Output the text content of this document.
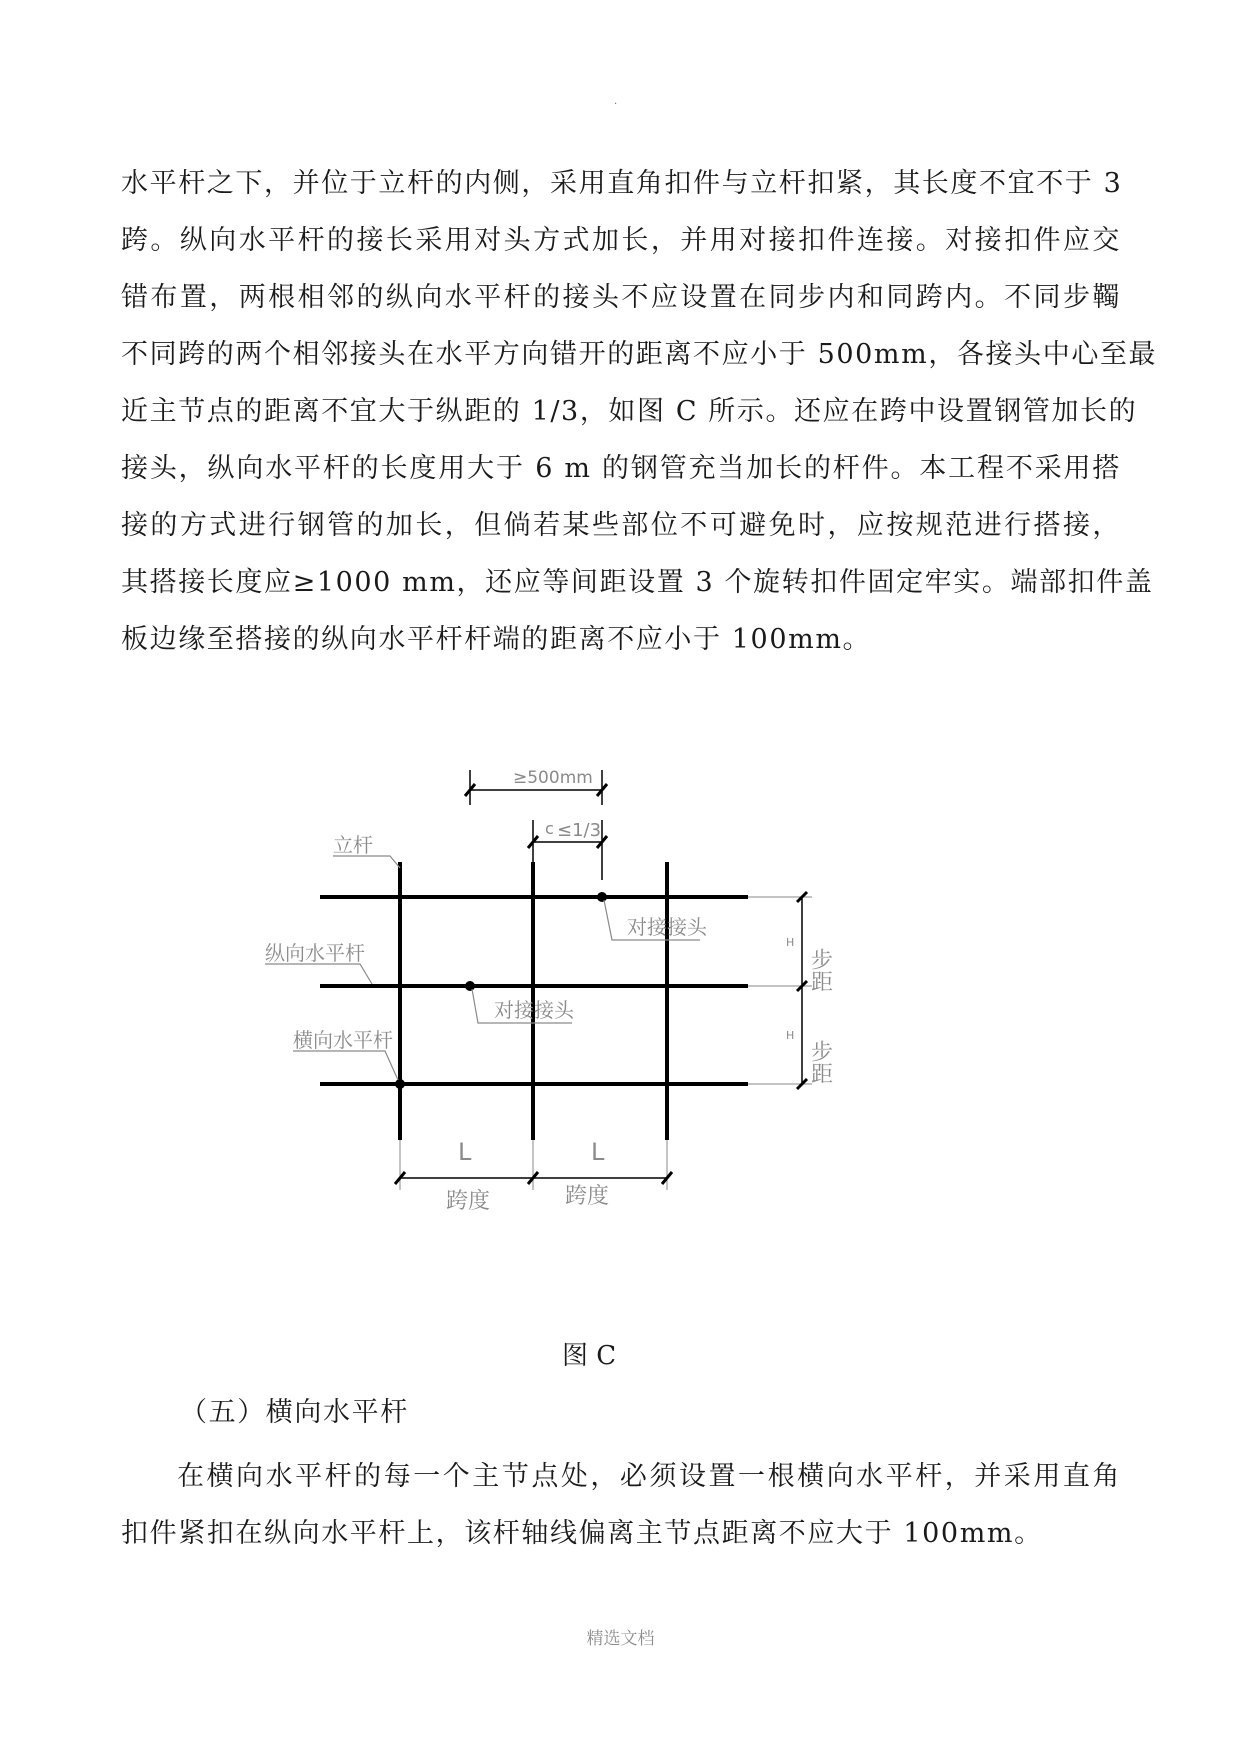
.
水平杆之下，并位于立杆的内侧，采用直角扣件与立杆扣紧，其长度不宜不于 3
跨。纵向水平杆的接长采用对头方式加长，并用对接扣件连接。对接扣件应交
错布置，两根相邻的纵向水平杆的接头不应设置在同步内和同跨内。不同步䪅
不同跨的两个相邻接头在水平方向错开的距离不应小于 500mm，各接头中心至最
近主节点的距离不宜大于纵距的 1/3，如图 C 所示。还应在跨中设置钢管加长的
接头，纵向水平杆的长度用大于 6 m 的钢管充当加长的杆件。本工程不采用搭
接的方式进行钢管的加长，但倘若某些部位不可避免时，应按规范进行搭接，
其搭接长度应≥1000 mm，还应等间距设置 3 个旋转扣件固定牢实。端部扣件盖
板边缘至搭接的纵向水平杆杆端的距离不应小于 100mm。
≥500mm
c ≤1/3
立杆
纵向水平杆
横向水平杆
对接接头
对接接头
H
H
步距
步距
L	L
跨度	跨度
图 C
（五）横向水平杆
在横向水平杆的每一个主节点处，必须设置一根横向水平杆，并采用直角
扣件紧扣在纵向水平杆上，该杆轴线偏离主节点距离不应大于 100mm。
精选文档
